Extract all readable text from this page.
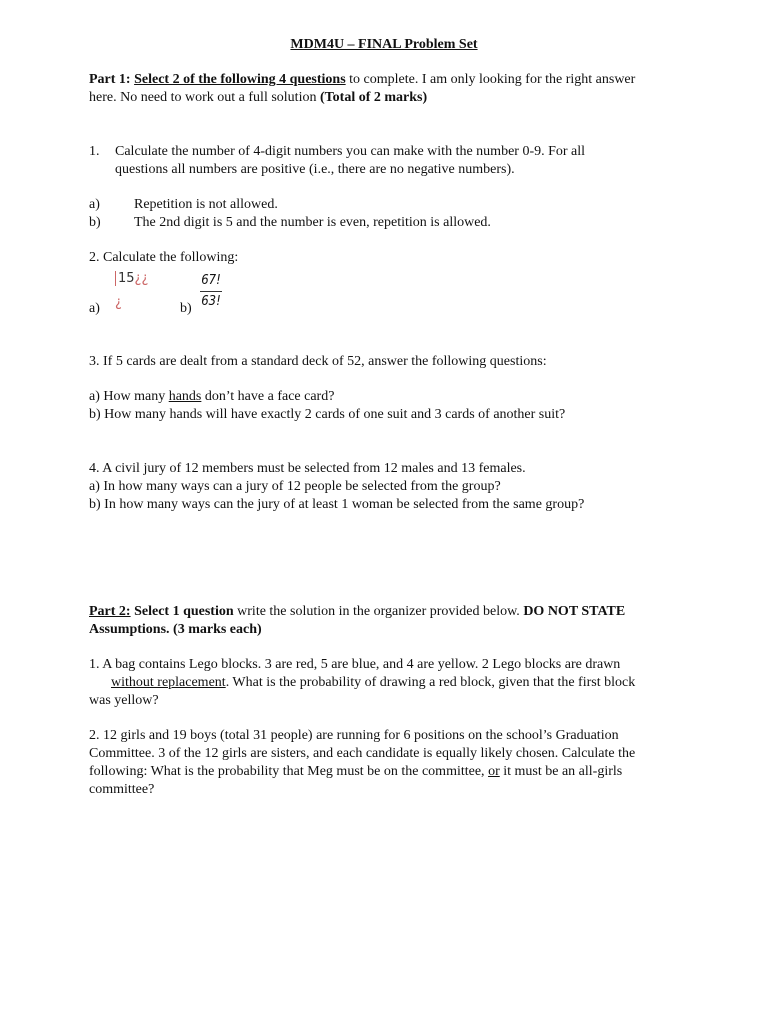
MDM4U – FINAL Problem Set
Part 1: Select 2 of the following 4 questions to complete. I am only looking for the right answer
here. No need to work out a full solution (Total of 2 marks)
1. Calculate the number of 4-digit numbers you can make with the number 0-9. For all
questions all numbers are positive (i.e., there are no negative numbers).
a) Repetition is not allowed.
b) The 2nd digit is 5 and the number is even, repetition is allowed.
2. Calculate the following:
15¿¿
¿
a)	b)
67!
63!
3. If 5 cards are dealt from a standard deck of 52, answer the following questions:
a) How many hands don’t have a face card?
b) How many hands will have exactly 2 cards of one suit and 3 cards of another suit?
4. A civil jury of 12 members must be selected from 12 males and 13 females.
a) In how many ways can a jury of 12 people be selected from the group?
b) In how many ways can the jury of at least 1 woman be selected from the same group?
Part 2: Select 1 question write the solution in the organizer provided below. DO NOT STATE
Assumptions. (3 marks each)
1. A bag contains Lego blocks. 3 are red, 5 are blue, and 4 are yellow. 2 Lego blocks are drawn
without replacement. What is the probability of drawing a red block, given that the first block
was yellow?
2. 12 girls and 19 boys (total 31 people) are running for 6 positions on the school’s Graduation
Committee. 3 of the 12 girls are sisters, and each candidate is equally likely chosen. Calculate the
following: What is the probability that Meg must be on the committee, or it must be an all-girls
committee?
